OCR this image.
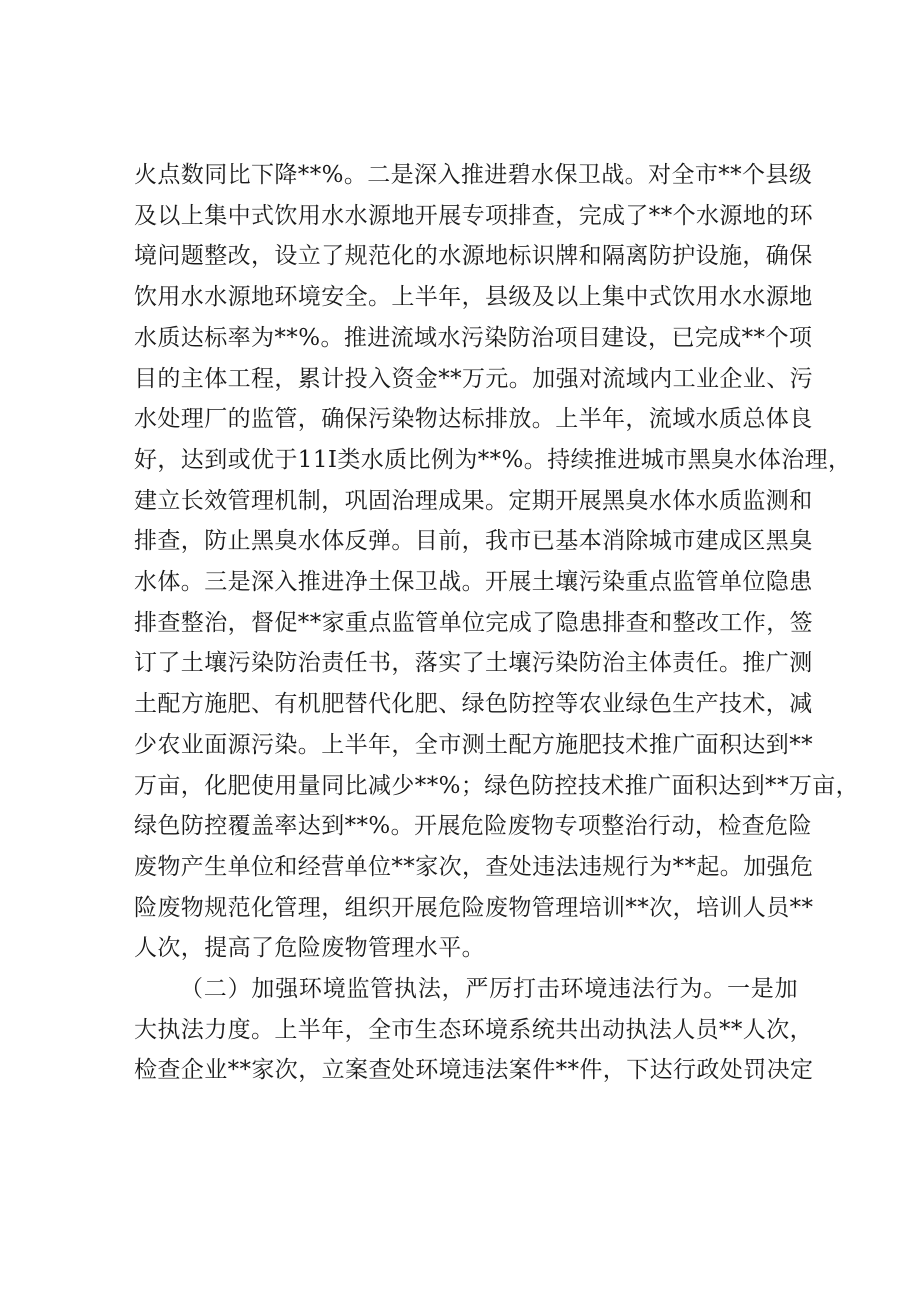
火点数同比下降**%。二是深入推进碧水保卫战。对全市**个县级
及以上集中式饮用水水源地开展专项排查，完成了**个水源地的环
境问题整改，设立了规范化的水源地标识牌和隔离防护设施，确保
饮用水水源地环境安全。上半年，县级及以上集中式饮用水水源地
水质达标率为**%。推进流域水污染防治项目建设，已完成**个项
目的主体工程，累计投入资金**万元。加强对流域内工业企业、污
水处理厂的监管，确保污染物达标排放。上半年，流域水质总体良
好，达到或优于11I类水质比例为**%。持续推进城市黑臭水体治理，
建立长效管理机制，巩固治理成果。定期开展黑臭水体水质监测和
排查，防止黑臭水体反弹。目前，我市已基本消除城市建成区黑臭
水体。三是深入推进净土保卫战。开展土壤污染重点监管单位隐患
排查整治，督促**家重点监管单位完成了隐患排查和整改工作，签
订了土壤污染防治责任书，落实了土壤污染防治主体责任。推广测
土配方施肥、有机肥替代化肥、绿色防控等农业绿色生产技术，减
少农业面源污染。上半年，全市测土配方施肥技术推广面积达到**
万亩，化肥使用量同比减少**%；绿色防控技术推广面积达到**万亩，
绿色防控覆盖率达到**%。开展危险废物专项整治行动，检查危险
废物产生单位和经营单位**家次，查处违法违规行为**起。加强危
险废物规范化管理，组织开展危险废物管理培训**次，培训人员**
人次，提高了危险废物管理水平。
（二）加强环境监管执法，严厉打击环境违法行为。一是加
大执法力度。上半年，全市生态环境系统共出动执法人员**人次，
检查企业**家次，立案查处环境违法案件**件，下达行政处罚决定
